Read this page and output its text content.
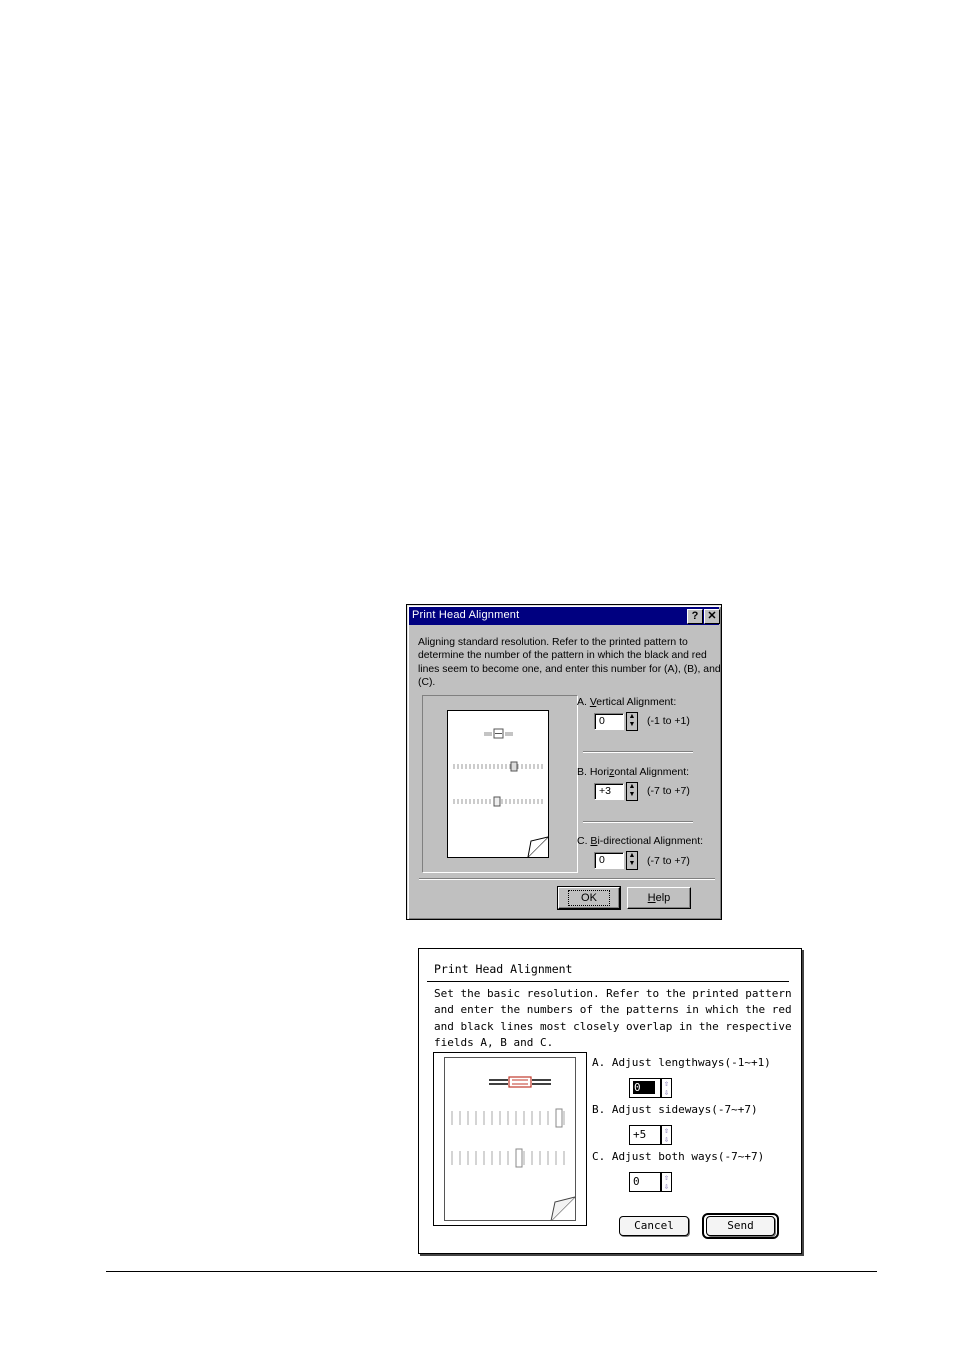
Print Head Alignment	? ✕
Aligning standard resolution. Refer to the printed pattern to determine the number of the pattern in which the black and red lines seem to become one, and enter this number for (A), (B), and (C).
A. Vertical Alignment:
0	▲
▼ (-1 to +1)
B. Horizontal Alignment:
+3	▲
▼ (-7 to +7)
C. Bi-directional Alignment:
0	▲
▼ (-7 to +7)
OK	Help
Print Head Alignment
Set the basic resolution. Refer to the printed pattern and enter the numbers of the patterns in which the red and black lines most closely overlap in the respective fields A, B and C.
A. Adjust lengthways(-1~+1)
0	⇧
⇩
B. Adjust sideways(-7~+7)
+5	⇧
⇩
C. Adjust both ways(-7~+7)
0	⇧
⇩
Cancel	Send
